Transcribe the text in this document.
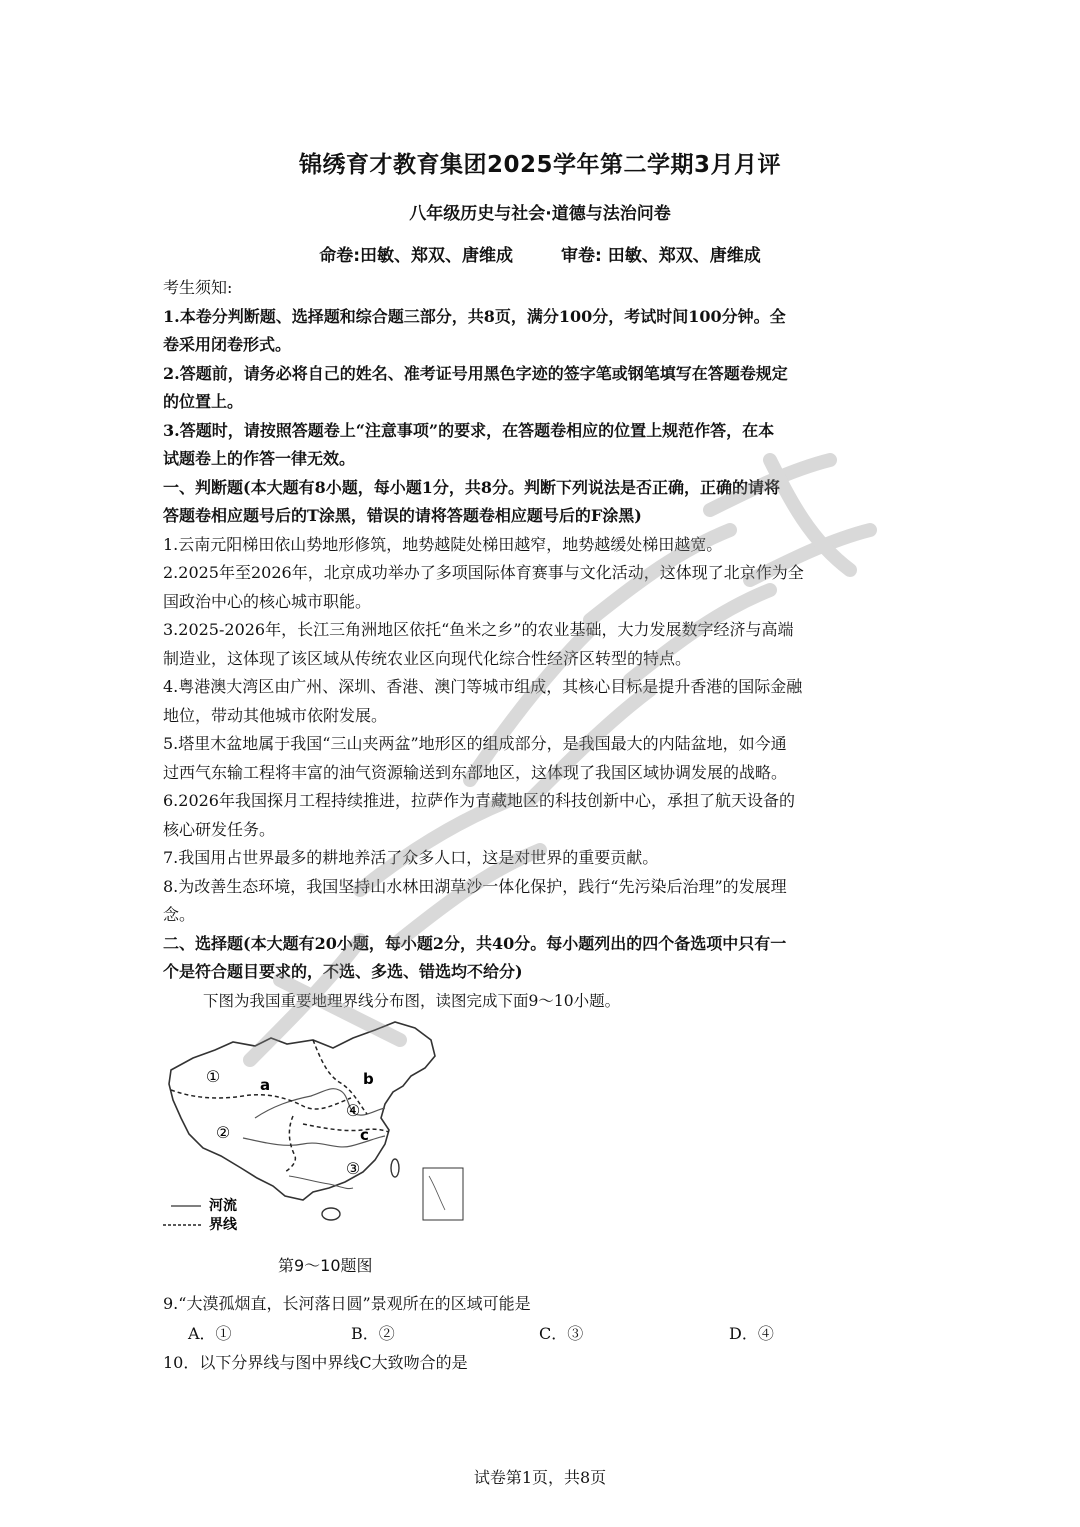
锦绣育才教育集团2025学年第二学期3月月评
八年级历史与社会·道德与法治问卷
命卷:田敏、郑双、唐维成	审卷: 田敏、郑双、唐维成
考生须知:
1.本卷分判断题、选择题和综合题三部分，共8页，满分100分，考试时间100分钟。全
卷采用闭卷形式。
2.答题前，请务必将自己的姓名、准考证号用黑色字迹的签字笔或钢笔填写在答题卷规定
的位置上。
3.答题时，请按照答题卷上“注意事项”的要求，在答题卷相应的位置上规范作答，在本
试题卷上的作答一律无效。
一、判断题(本大题有8小题，每小题1分，共8分。判断下列说法是否正确，正确的请将
答题卷相应题号后的T涂黑，错误的请将答题卷相应题号后的F涂黑)
1.云南元阳梯田依山势地形修筑，地势越陡处梯田越窄，地势越缓处梯田越宽。
2.2025年至2026年，北京成功举办了多项国际体育赛事与文化活动，这体现了北京作为全
国政治中心的核心城市职能。
3.2025-2026年，长江三角洲地区依托“鱼米之乡”的农业基础，大力发展数字经济与高端
制造业，这体现了该区域从传统农业区向现代化综合性经济区转型的特点。
4.粤港澳大湾区由广州、深圳、香港、澳门等城市组成，其核心目标是提升香港的国际金融
地位，带动其他城市依附发展。
5.塔里木盆地属于我国“三山夹两盆”地形区的组成部分，是我国最大的内陆盆地，如今通
过西气东输工程将丰富的油气资源输送到东部地区，这体现了我国区域协调发展的战略。
6.2026年我国探月工程持续推进，拉萨作为青藏地区的科技创新中心，承担了航天设备的
核心研发任务。
7.我国用占世界最多的耕地养活了众多人口，这是对世界的重要贡献。
8.为改善生态环境，我国坚持山水林田湖草沙一体化保护，践行“先污染后治理”的发展理
念。
二、选择题(本大题有20小题，每小题2分，共40分。每小题列出的四个备选项中只有一
个是符合题目要求的，不选、多选、错选均不给分)
下图为我国重要地理界线分布图，读图完成下面9～10小题。
①
②
③
④
a	b
c
河流
界线
第9～10题图
9.“大漠孤烟直，长河落日圆”景观所在的区域可能是
A．①	B．②	C．③	D．④
10．以下分界线与图中界线C大致吻合的是
试卷第1页，共8页
